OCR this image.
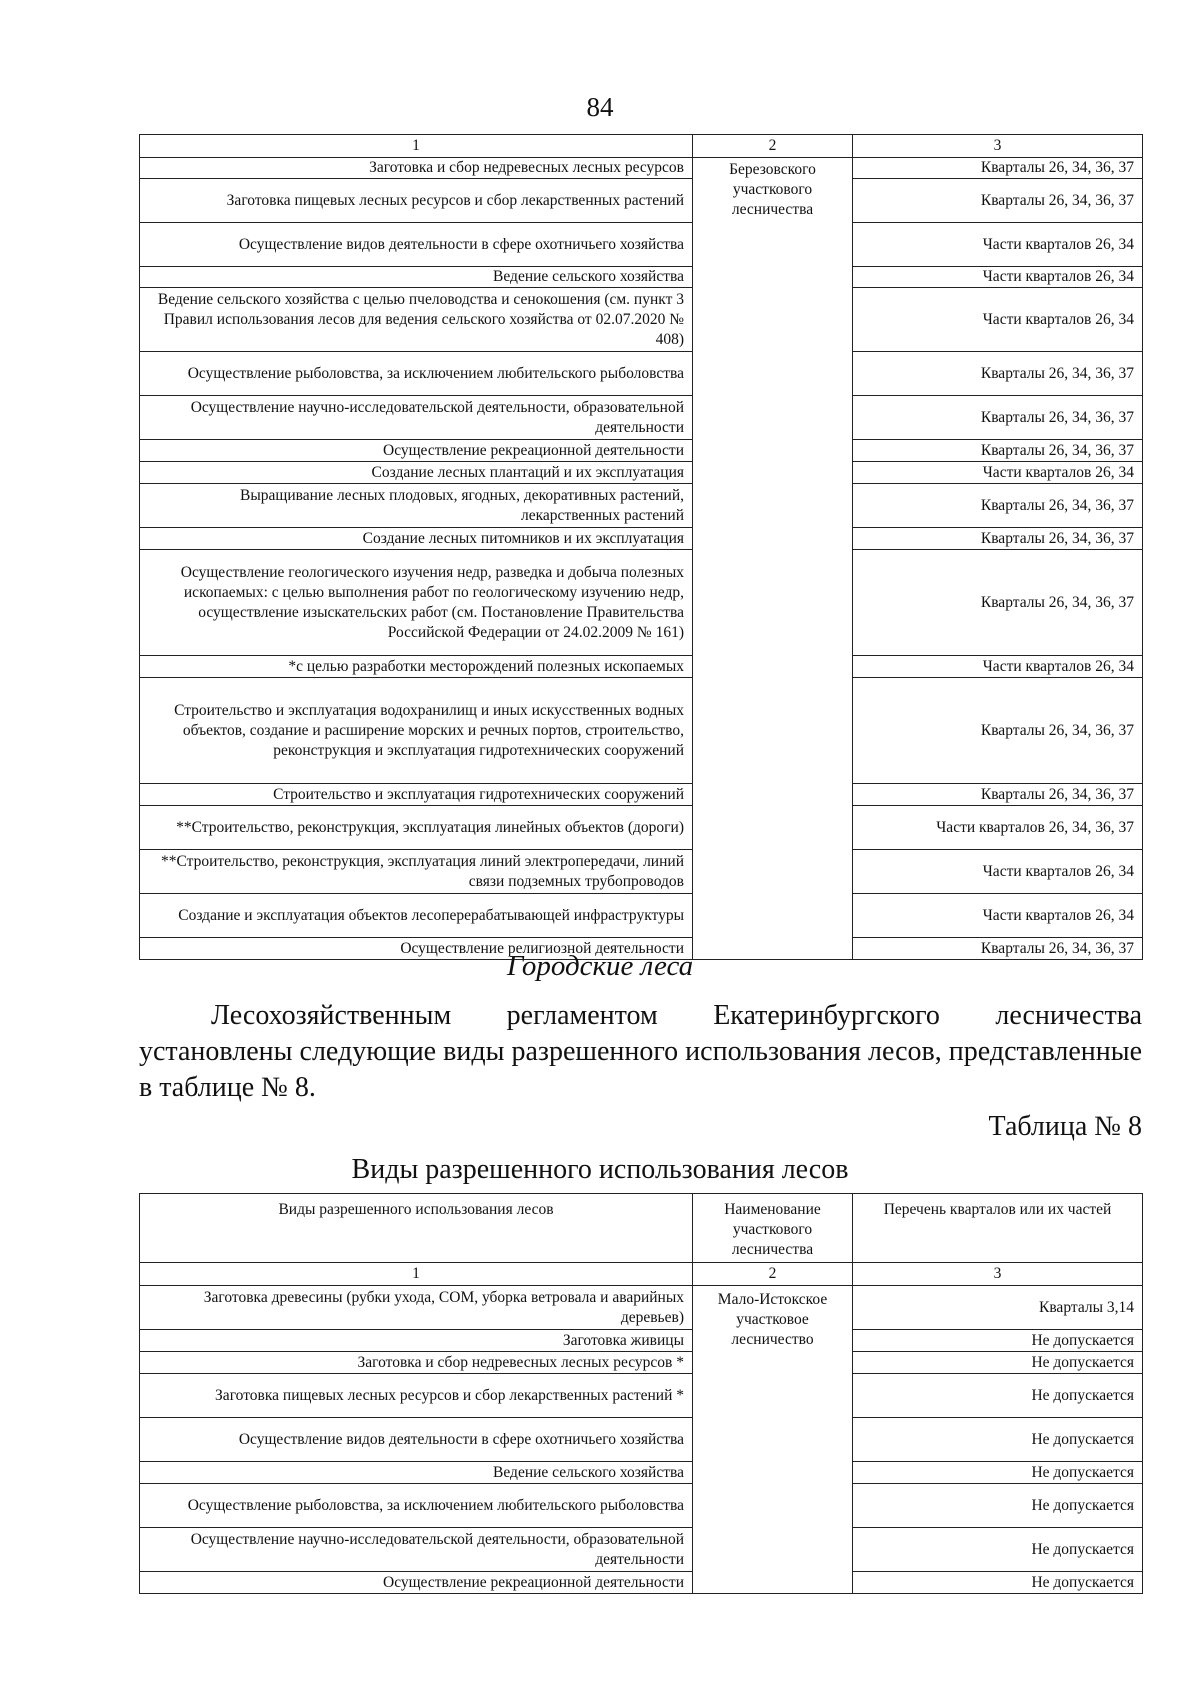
84
1	2	3
Заготовка и сбор недревесных лесных ресурсов	Березовского участкового лесничества	Кварталы 26, 34, 36, 37
Заготовка пищевых лесных ресурсов и сбор лекарственных растений		Кварталы 26, 34, 36, 37
Осуществление видов деятельности в сфере охотничьего хозяйства		Части кварталов 26, 34
Ведение сельского хозяйства		Части кварталов 26, 34
Ведение сельского хозяйства с целью пчеловодства и сенокошения (см. пункт 3 Правил использования лесов для ведения сельского хозяйства от 02.07.2020 № 408)		Части кварталов 26, 34
Осуществление рыболовства, за исключением любительского рыболовства		Кварталы 26, 34, 36, 37
Осуществление научно-исследовательской деятельности, образовательной деятельности		Кварталы 26, 34, 36, 37
Осуществление рекреационной деятельности		Кварталы 26, 34, 36, 37
Создание лесных плантаций и их эксплуатация		Части кварталов 26, 34
Выращивание лесных плодовых, ягодных, декоративных растений, лекарственных растений		Кварталы 26, 34, 36, 37
Создание лесных питомников и их эксплуатация		Кварталы 26, 34, 36, 37
Осуществление геологического изучения недр, разведка и добыча полезных ископаемых: с целью выполнения работ по геологическому изучению недр, осуществление изыскательских работ (см. Постановление Правительства Российской Федерации от 24.02.2009 № 161)		Кварталы 26, 34, 36, 37
*с целью разработки месторождений полезных ископаемых		Части кварталов 26, 34
Строительство и эксплуатация водохранилищ и иных искусственных водных объектов, создание и расширение морских и речных портов, строительство, реконструкция и эксплуатация гидротехнических сооружений		Кварталы 26, 34, 36, 37
Строительство и эксплуатация гидротехнических сооружений		Кварталы 26, 34, 36, 37
**Строительство, реконструкция, эксплуатация линейных объектов (дороги)		Части кварталов 26, 34, 36, 37
**Строительство, реконструкция, эксплуатация линий электропередачи, линий связи подземных трубопроводов		Части кварталов 26, 34
Создание и эксплуатация объектов лесоперерабатывающей инфраструктуры		Части кварталов 26, 34
Осуществление религиозной деятельности		Кварталы 26, 34, 36, 37
Городские леса

Лесохозяйственным регламентом Екатеринбургского лесничества установлены следующие виды разрешенного использования лесов, представленные в таблице № 8.

Таблица № 8
Виды разрешенного использования лесов
Виды разрешенного использования лесов	Наименование участкового лесничества	Перечень кварталов или их частей
1	2	3
Заготовка древесины (рубки ухода, СОМ, уборка ветровала и аварийных деревьев)	Мало-Истокское участковое лесничество	Кварталы 3,14
Заготовка живицы		Не допускается
Заготовка и сбор недревесных лесных ресурсов *		Не допускается
Заготовка пищевых лесных ресурсов и сбор лекарственных растений *		Не допускается
Осуществление видов деятельности в сфере охотничьего хозяйства		Не допускается
Ведение сельского хозяйства		Не допускается
Осуществление рыболовства, за исключением любительского рыболовства		Не допускается
Осуществление научно-исследовательской деятельности, образовательной деятельности		Не допускается
Осуществление рекреационной деятельности		Не допускается
